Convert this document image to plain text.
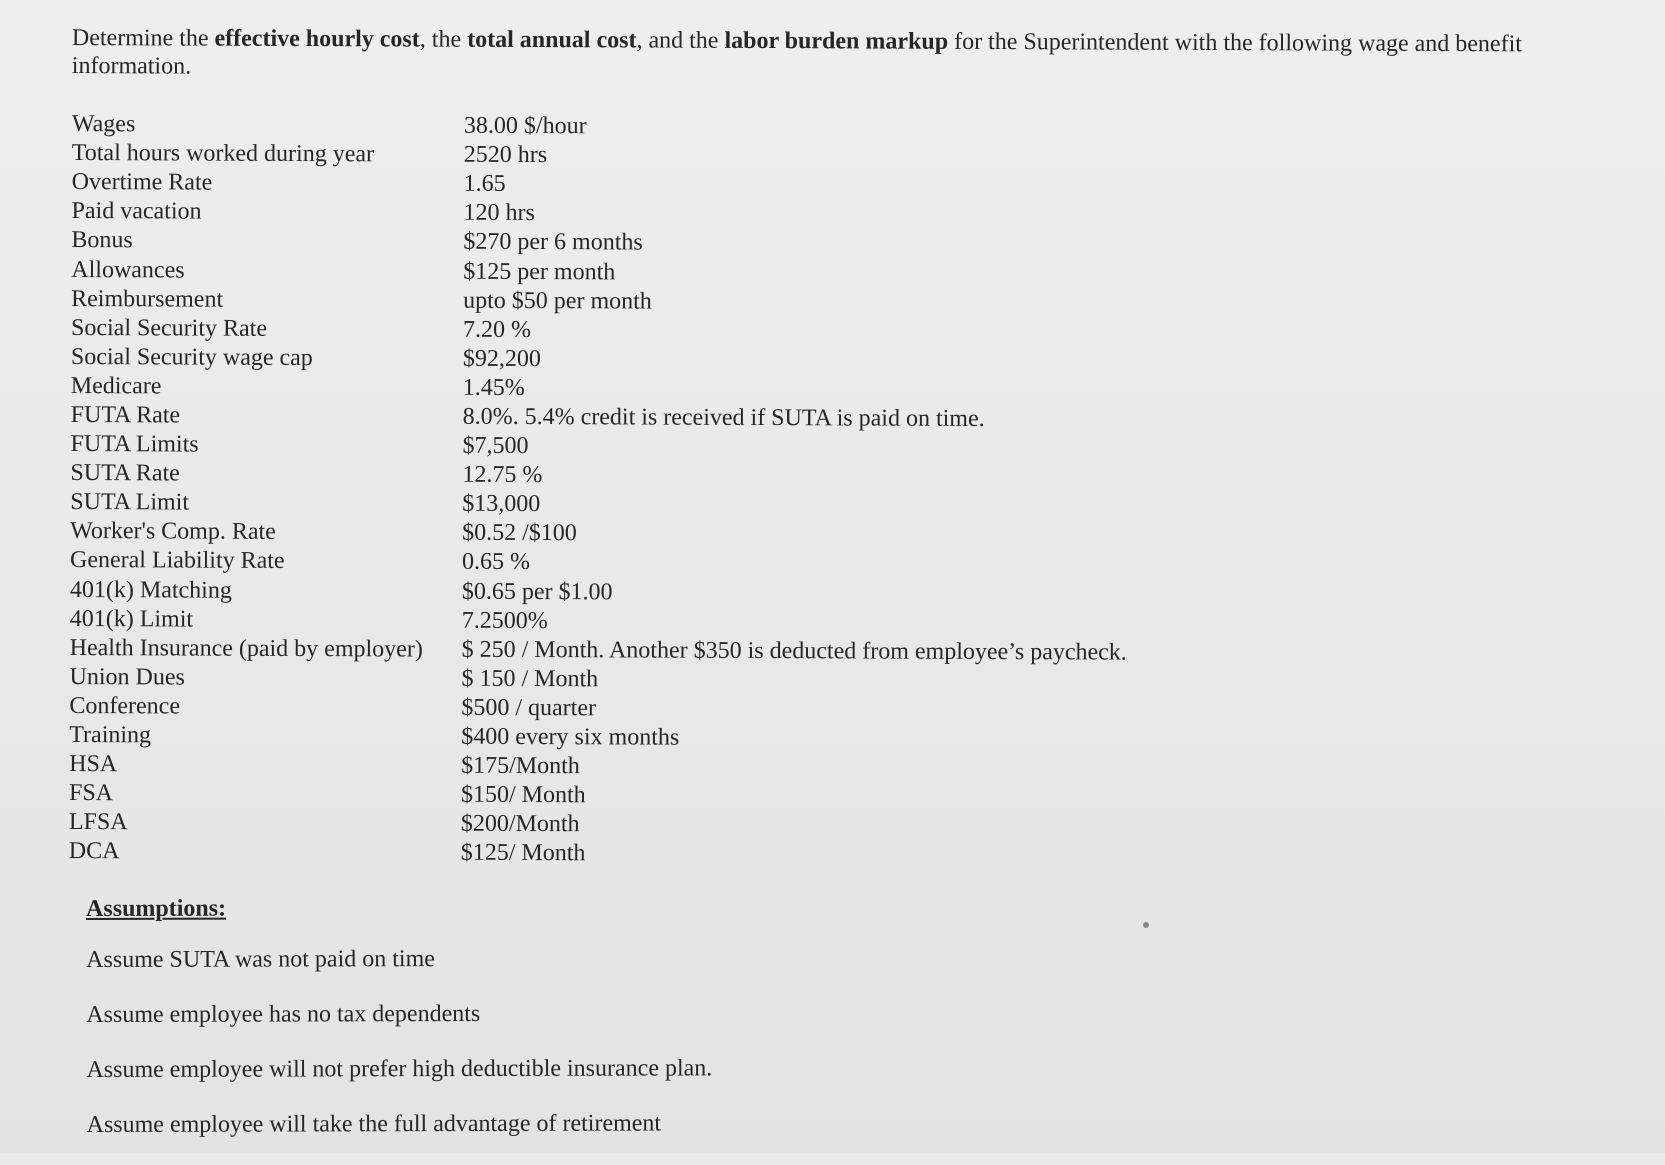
Determine the effective hourly cost, the total annual cost, and the labor burden markup for the Superintendent with the following wage and benefit information.
Wages	38.00 $/hour
Total hours worked during year	2520 hrs
Overtime Rate	1.65
Paid vacation	120 hrs
Bonus	$270 per 6 months
Allowances	$125 per month
Reimbursement	upto $50 per month
Social Security Rate	7.20 %
Social Security wage cap	$92,200
Medicare	1.45%
FUTA Rate	8.0%. 5.4% credit is received if SUTA is paid on time.
FUTA Limits	$7,500
SUTA Rate	12.75 %
SUTA Limit	$13,000
Worker's Comp. Rate	$0.52 /$100
General Liability Rate	0.65 %
401(k) Matching	$0.65 per $1.00
401(k) Limit	7.2500%
Health Insurance (paid by employer)	$ 250 / Month. Another $350 is deducted from employee’s paycheck.
Union Dues	$ 150 / Month
Conference	$500 / quarter
Training	$400 every six months
HSA	$175/Month
FSA	$150/ Month
LFSA	$200/Month
DCA	$125/ Month
Assumptions:
Assume SUTA was not paid on time
Assume employee has no tax dependents
Assume employee will not prefer high deductible insurance plan.
Assume employee will take the full advantage of retirement
